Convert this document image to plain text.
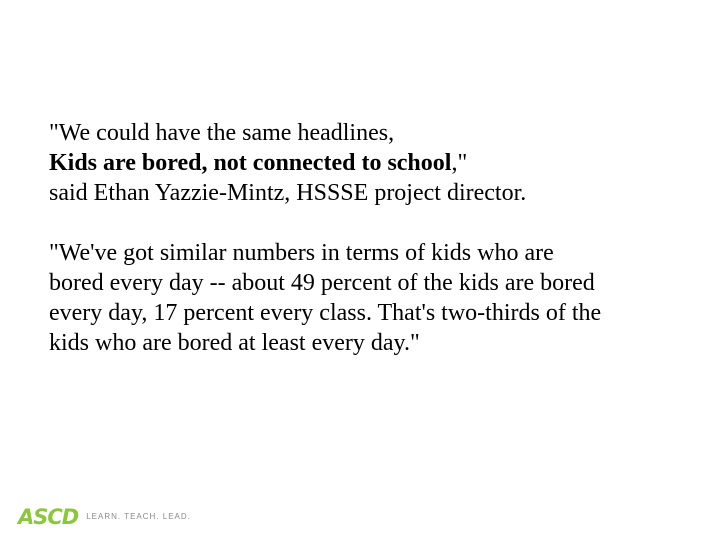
"We could have the same headlines,
Kids are bored, not connected to school,"
said Ethan Yazzie-Mintz, HSSSE project director.

"We've got similar numbers in terms of kids who are
bored every day -- about 49 percent of the kids are bored
every day, 17 percent every class. That's two-thirds of the
kids who are bored at least every day."

ASCD LEARN. TEACH. LEAD.
